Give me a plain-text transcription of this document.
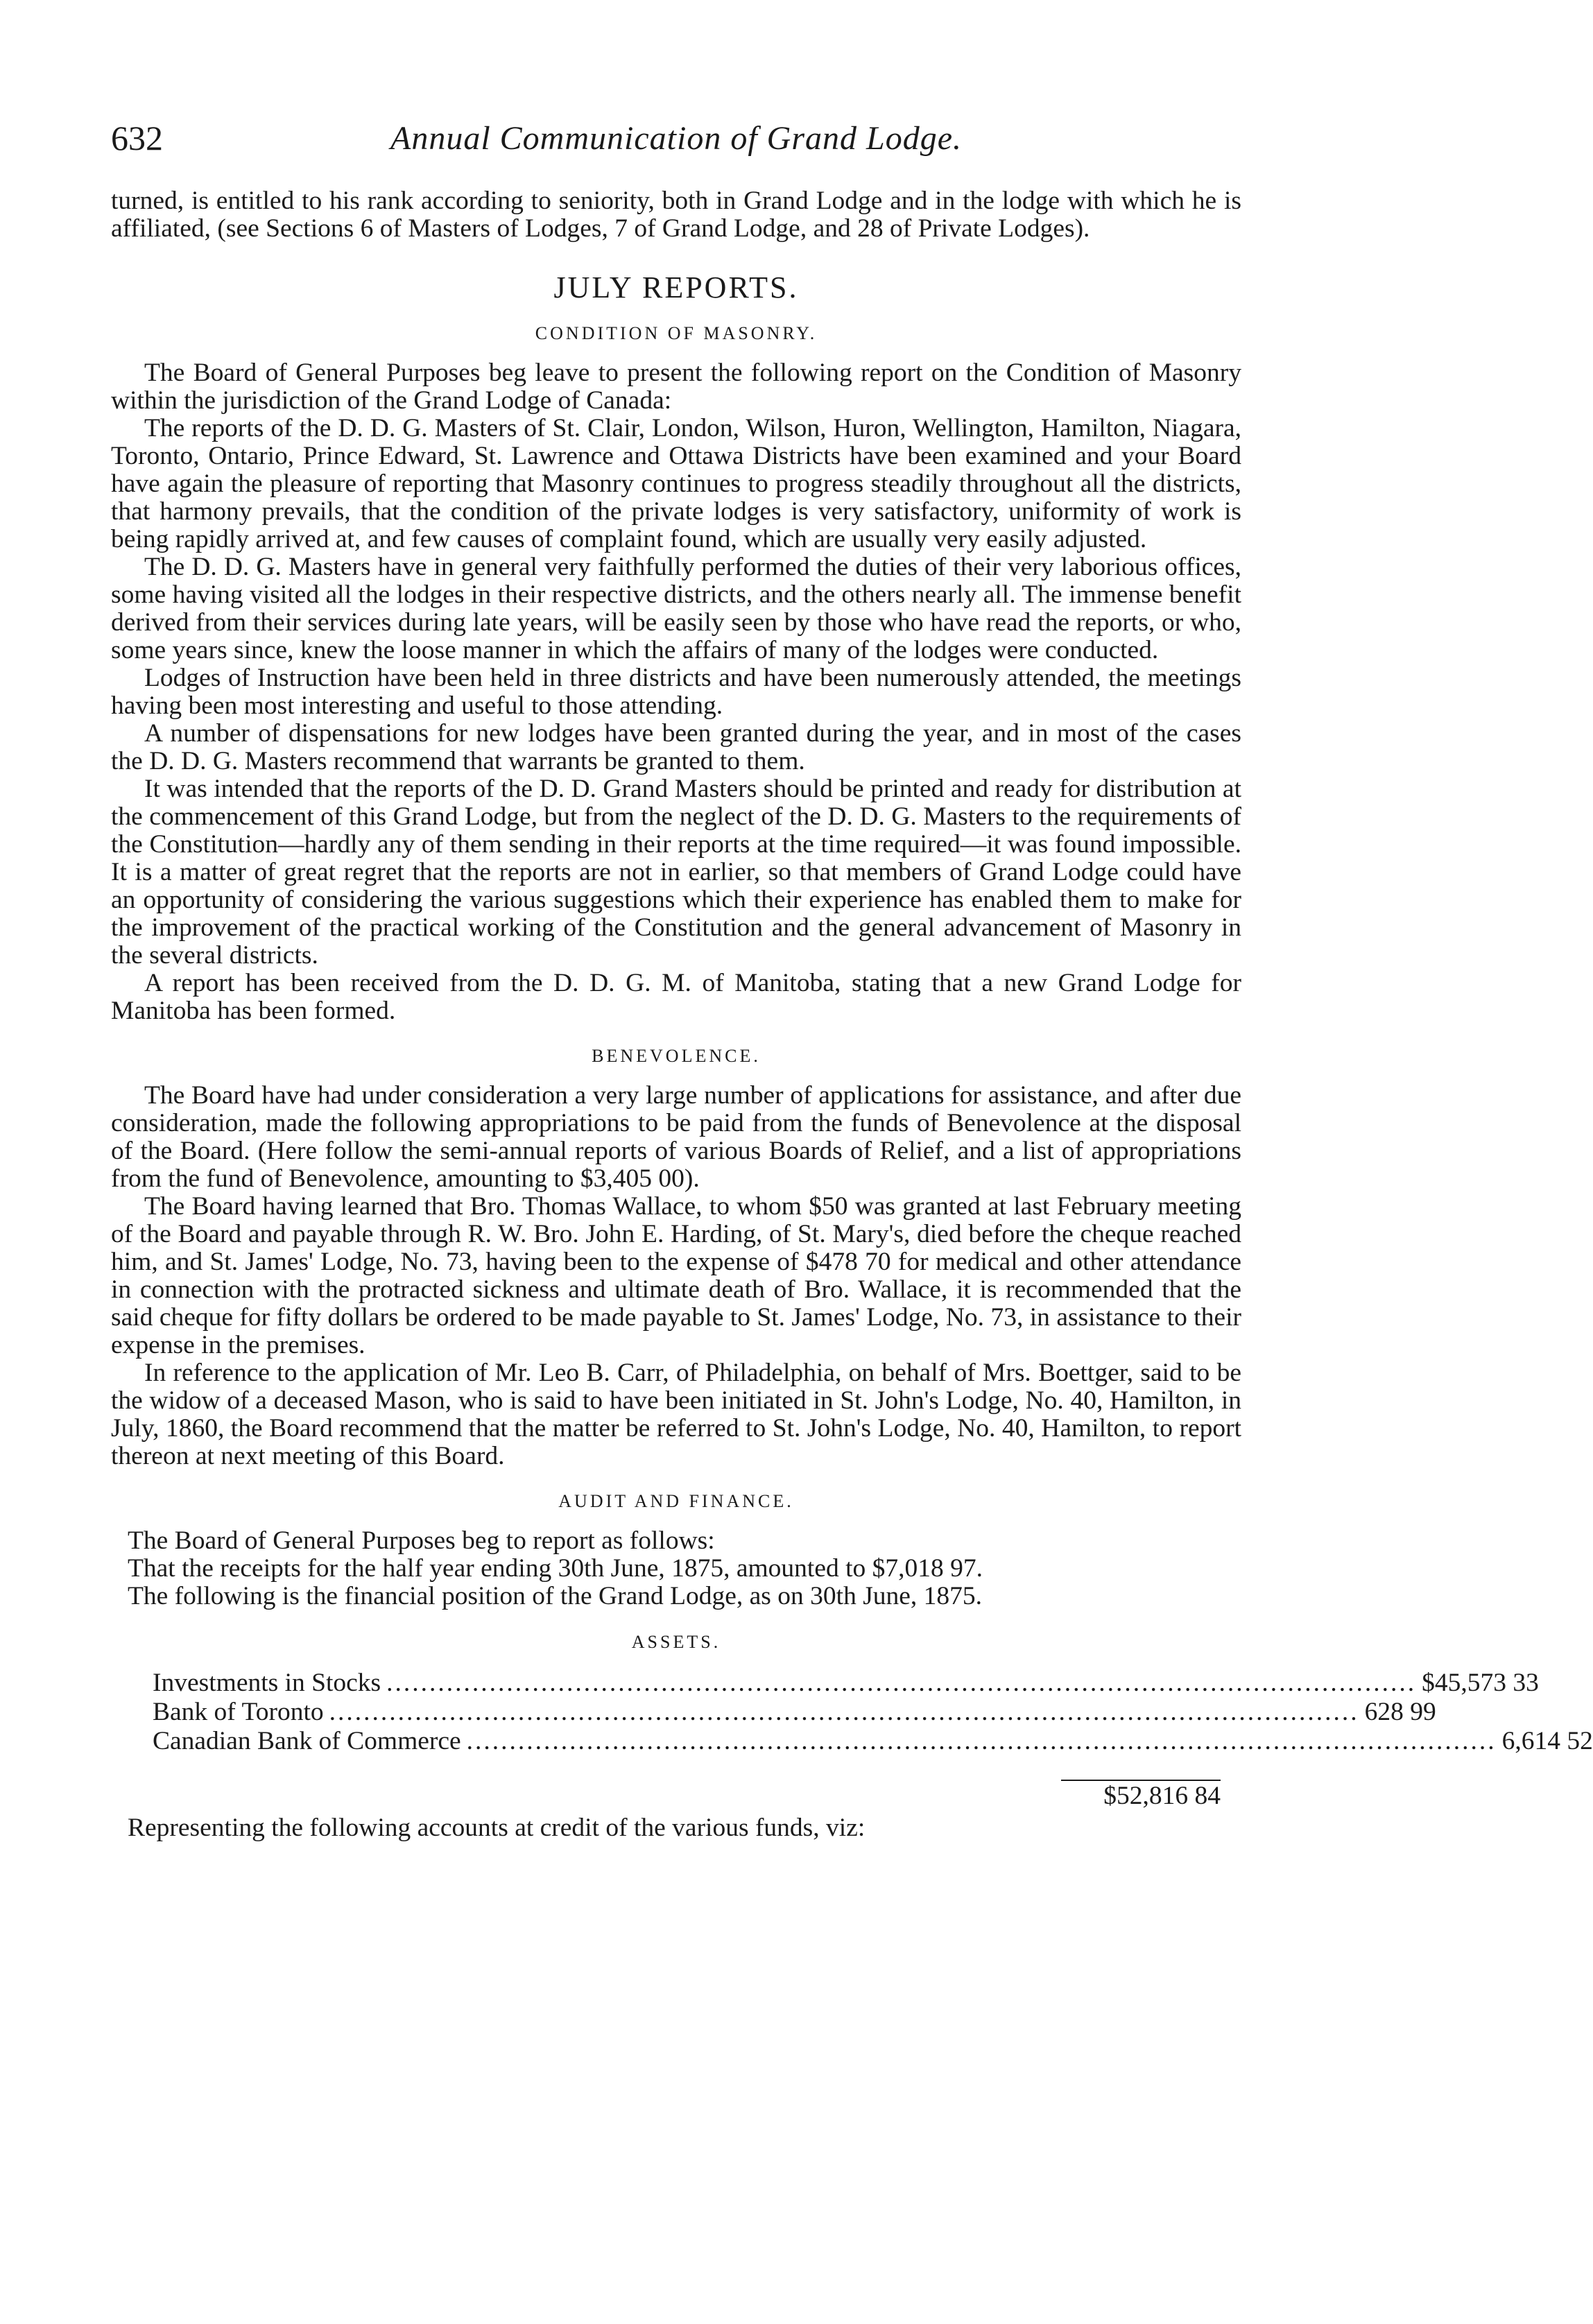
632	Annual Communication of Grand Lodge.

turned, is entitled to his rank according to seniority, both in Grand Lodge and in the lodge with which he is affiliated, (see Sections 6 of Masters of Lodges, 7 of Grand Lodge, and 28 of Private Lodges).

JULY REPORTS.
CONDITION OF MASONRY.

The Board of General Purposes beg leave to present the following report on the Condition of Masonry within the jurisdiction of the Grand Lodge of Canada:

The reports of the D. D. G. Masters of St. Clair, London, Wilson, Huron, Wellington, Hamilton, Niagara, Toronto, Ontario, Prince Edward, St. Lawrence and Ottawa Districts have been examined and your Board have again the pleasure of reporting that Masonry continues to progress steadily throughout all the districts, that harmony prevails, that the condition of the private lodges is very satisfactory, uniformity of work is being rapidly arrived at, and few causes of complaint found, which are usually very easily adjusted.

The D. D. G. Masters have in general very faithfully performed the duties of their very laborious offices, some having visited all the lodges in their respective districts, and the others nearly all. The immense benefit derived from their services during late years, will be easily seen by those who have read the reports, or who, some years since, knew the loose manner in which the affairs of many of the lodges were conducted.

Lodges of Instruction have been held in three districts and have been numerously attended, the meetings having been most interesting and useful to those attending.

A number of dispensations for new lodges have been granted during the year, and in most of the cases the D. D. G. Masters recommend that warrants be granted to them.

It was intended that the reports of the D. D. Grand Masters should be printed and ready for distribution at the commencement of this Grand Lodge, but from the neglect of the D. D. G. Masters to the requirements of the Constitution—hardly any of them sending in their reports at the time required—it was found impossible. It is a matter of great regret that the reports are not in earlier, so that members of Grand Lodge could have an opportunity of considering the various suggestions which their experience has enabled them to make for the improvement of the practical working of the Constitution and the general advancement of Masonry in the several districts.

A report has been received from the D. D. G. M. of Manitoba, stating that a new Grand Lodge for Manitoba has been formed.

BENEVOLENCE.

The Board have had under consideration a very large number of applications for assistance, and after due consideration, made the following appropriations to be paid from the funds of Benevolence at the disposal of the Board. (Here follow the semi-annual reports of various Boards of Relief, and a list of appropriations from the fund of Benevolence, amounting to $3,405 00).

The Board having learned that Bro. Thomas Wallace, to whom $50 was granted at last February meeting of the Board and payable through R. W. Bro. John E. Harding, of St. Mary's, died before the cheque reached him, and St. James' Lodge, No. 73, having been to the expense of $478 70 for medical and other attendance in connection with the protracted sickness and ultimate death of Bro. Wallace, it is recommended that the said cheque for fifty dollars be ordered to be made payable to St. James' Lodge, No. 73, in assistance to their expense in the premises.

In reference to the application of Mr. Leo B. Carr, of Philadelphia, on behalf of Mrs. Boettger, said to be the widow of a deceased Mason, who is said to have been initiated in St. John's Lodge, No. 40, Hamilton, in July, 1860, the Board recommend that the matter be referred to St. John's Lodge, No. 40, Hamilton, to report thereon at next meeting of this Board.

AUDIT AND FINANCE.

The Board of General Purposes beg to report as follows:

That the receipts for the half year ending 30th June, 1875, amounted to $7,018 97.

The following is the financial position of the Grand Lodge, as on 30th June, 1875.

ASSETS.
Investments in Stocks ........................................................................................................................ $45,573 33
Bank of Toronto ........................................................................................................................ 628 99
Canadian Bank of Commerce ........................................................................................................................ 6,614 52
$52,816 84

Representing the following accounts at credit of the various funds, viz:
